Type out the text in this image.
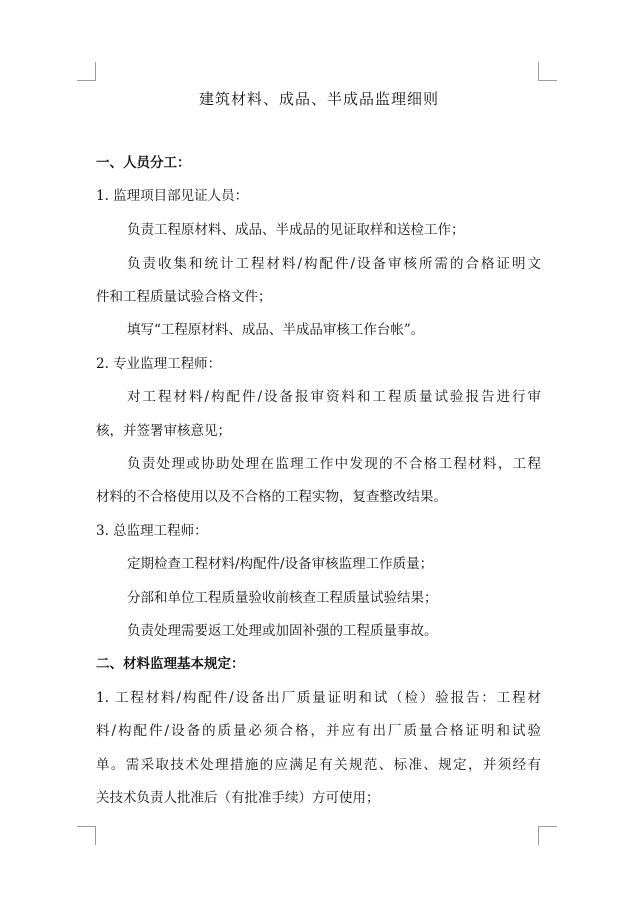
建筑材料、成品、半成品监理细则

一、人员分工：

1. 监理项目部见证人员：

负责工程原材料、成品、半成品的见证取样和送检工作；

负责收集和统计工程材料/构配件/设备审核所需的合格证明文

件和工程质量试验合格文件；

填写“工程原材料、成品、半成品审核工作台帐”。

2. 专业监理工程师：

对工程材料/构配件/设备报审资料和工程质量试验报告进行审

核，并签署审核意见；

负责处理或协助处理在监理工作中发现的不合格工程材料，工程

材料的不合格使用以及不合格的工程实物，复查整改结果。

3. 总监理工程师：

定期检查工程材料/构配件/设备审核监理工作质量；

分部和单位工程质量验收前核查工程质量试验结果；

负责处理需要返工处理或加固补强的工程质量事故。

二、材料监理基本规定：

1. 工程材料/构配件/设备出厂质量证明和试（检）验报告：工程材

料/构配件/设备的质量必须合格，并应有出厂质量合格证明和试验

单。需采取技术处理措施的应满足有关规范、标准、规定，并须经有

关技术负责人批准后（有批准手续）方可使用；
